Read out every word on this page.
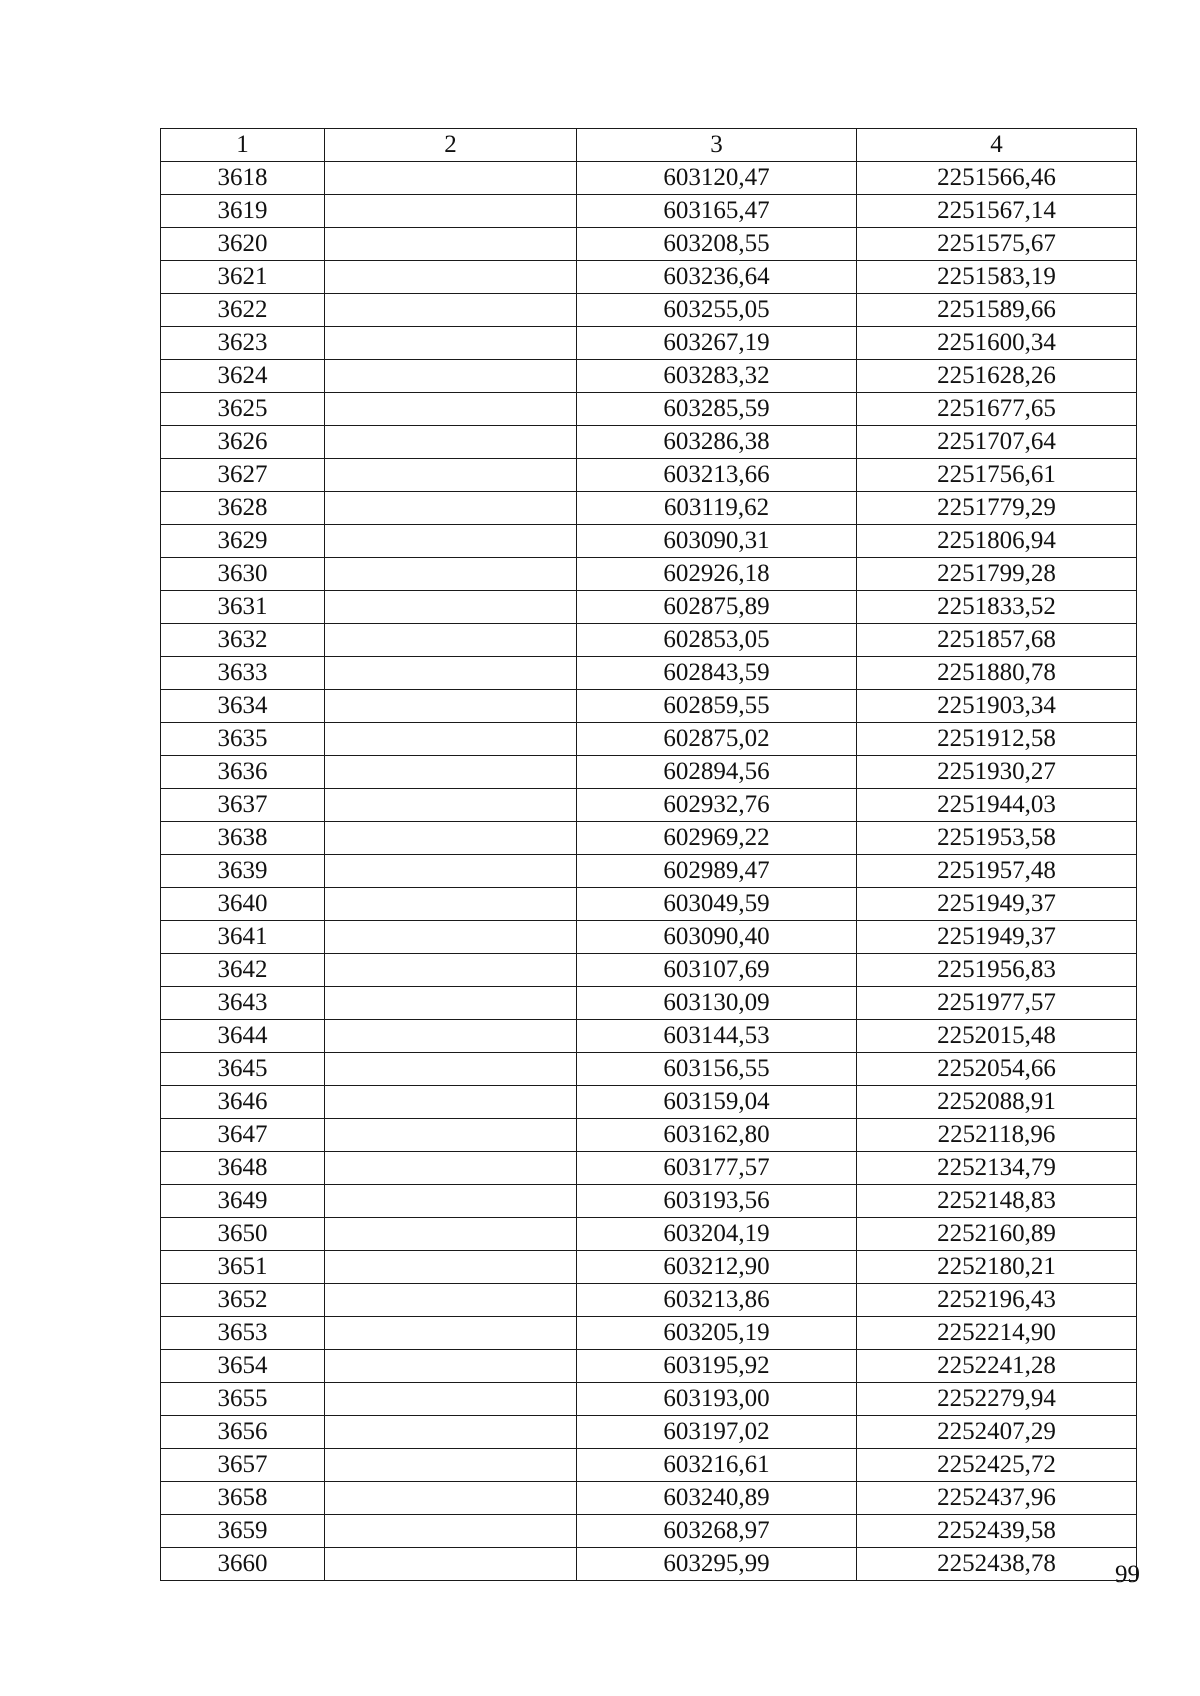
1	2	3	4
3618		603120,47	2251566,46
3619		603165,47	2251567,14
3620		603208,55	2251575,67
3621		603236,64	2251583,19
3622		603255,05	2251589,66
3623		603267,19	2251600,34
3624		603283,32	2251628,26
3625		603285,59	2251677,65
3626		603286,38	2251707,64
3627		603213,66	2251756,61
3628		603119,62	2251779,29
3629		603090,31	2251806,94
3630		602926,18	2251799,28
3631		602875,89	2251833,52
3632		602853,05	2251857,68
3633		602843,59	2251880,78
3634		602859,55	2251903,34
3635		602875,02	2251912,58
3636		602894,56	2251930,27
3637		602932,76	2251944,03
3638		602969,22	2251953,58
3639		602989,47	2251957,48
3640		603049,59	2251949,37
3641		603090,40	2251949,37
3642		603107,69	2251956,83
3643		603130,09	2251977,57
3644		603144,53	2252015,48
3645		603156,55	2252054,66
3646		603159,04	2252088,91
3647		603162,80	2252118,96
3648		603177,57	2252134,79
3649		603193,56	2252148,83
3650		603204,19	2252160,89
3651		603212,90	2252180,21
3652		603213,86	2252196,43
3653		603205,19	2252214,90
3654		603195,92	2252241,28
3655		603193,00	2252279,94
3656		603197,02	2252407,29
3657		603216,61	2252425,72
3658		603240,89	2252437,96
3659		603268,97	2252439,58
3660		603295,99	2252438,78 99
